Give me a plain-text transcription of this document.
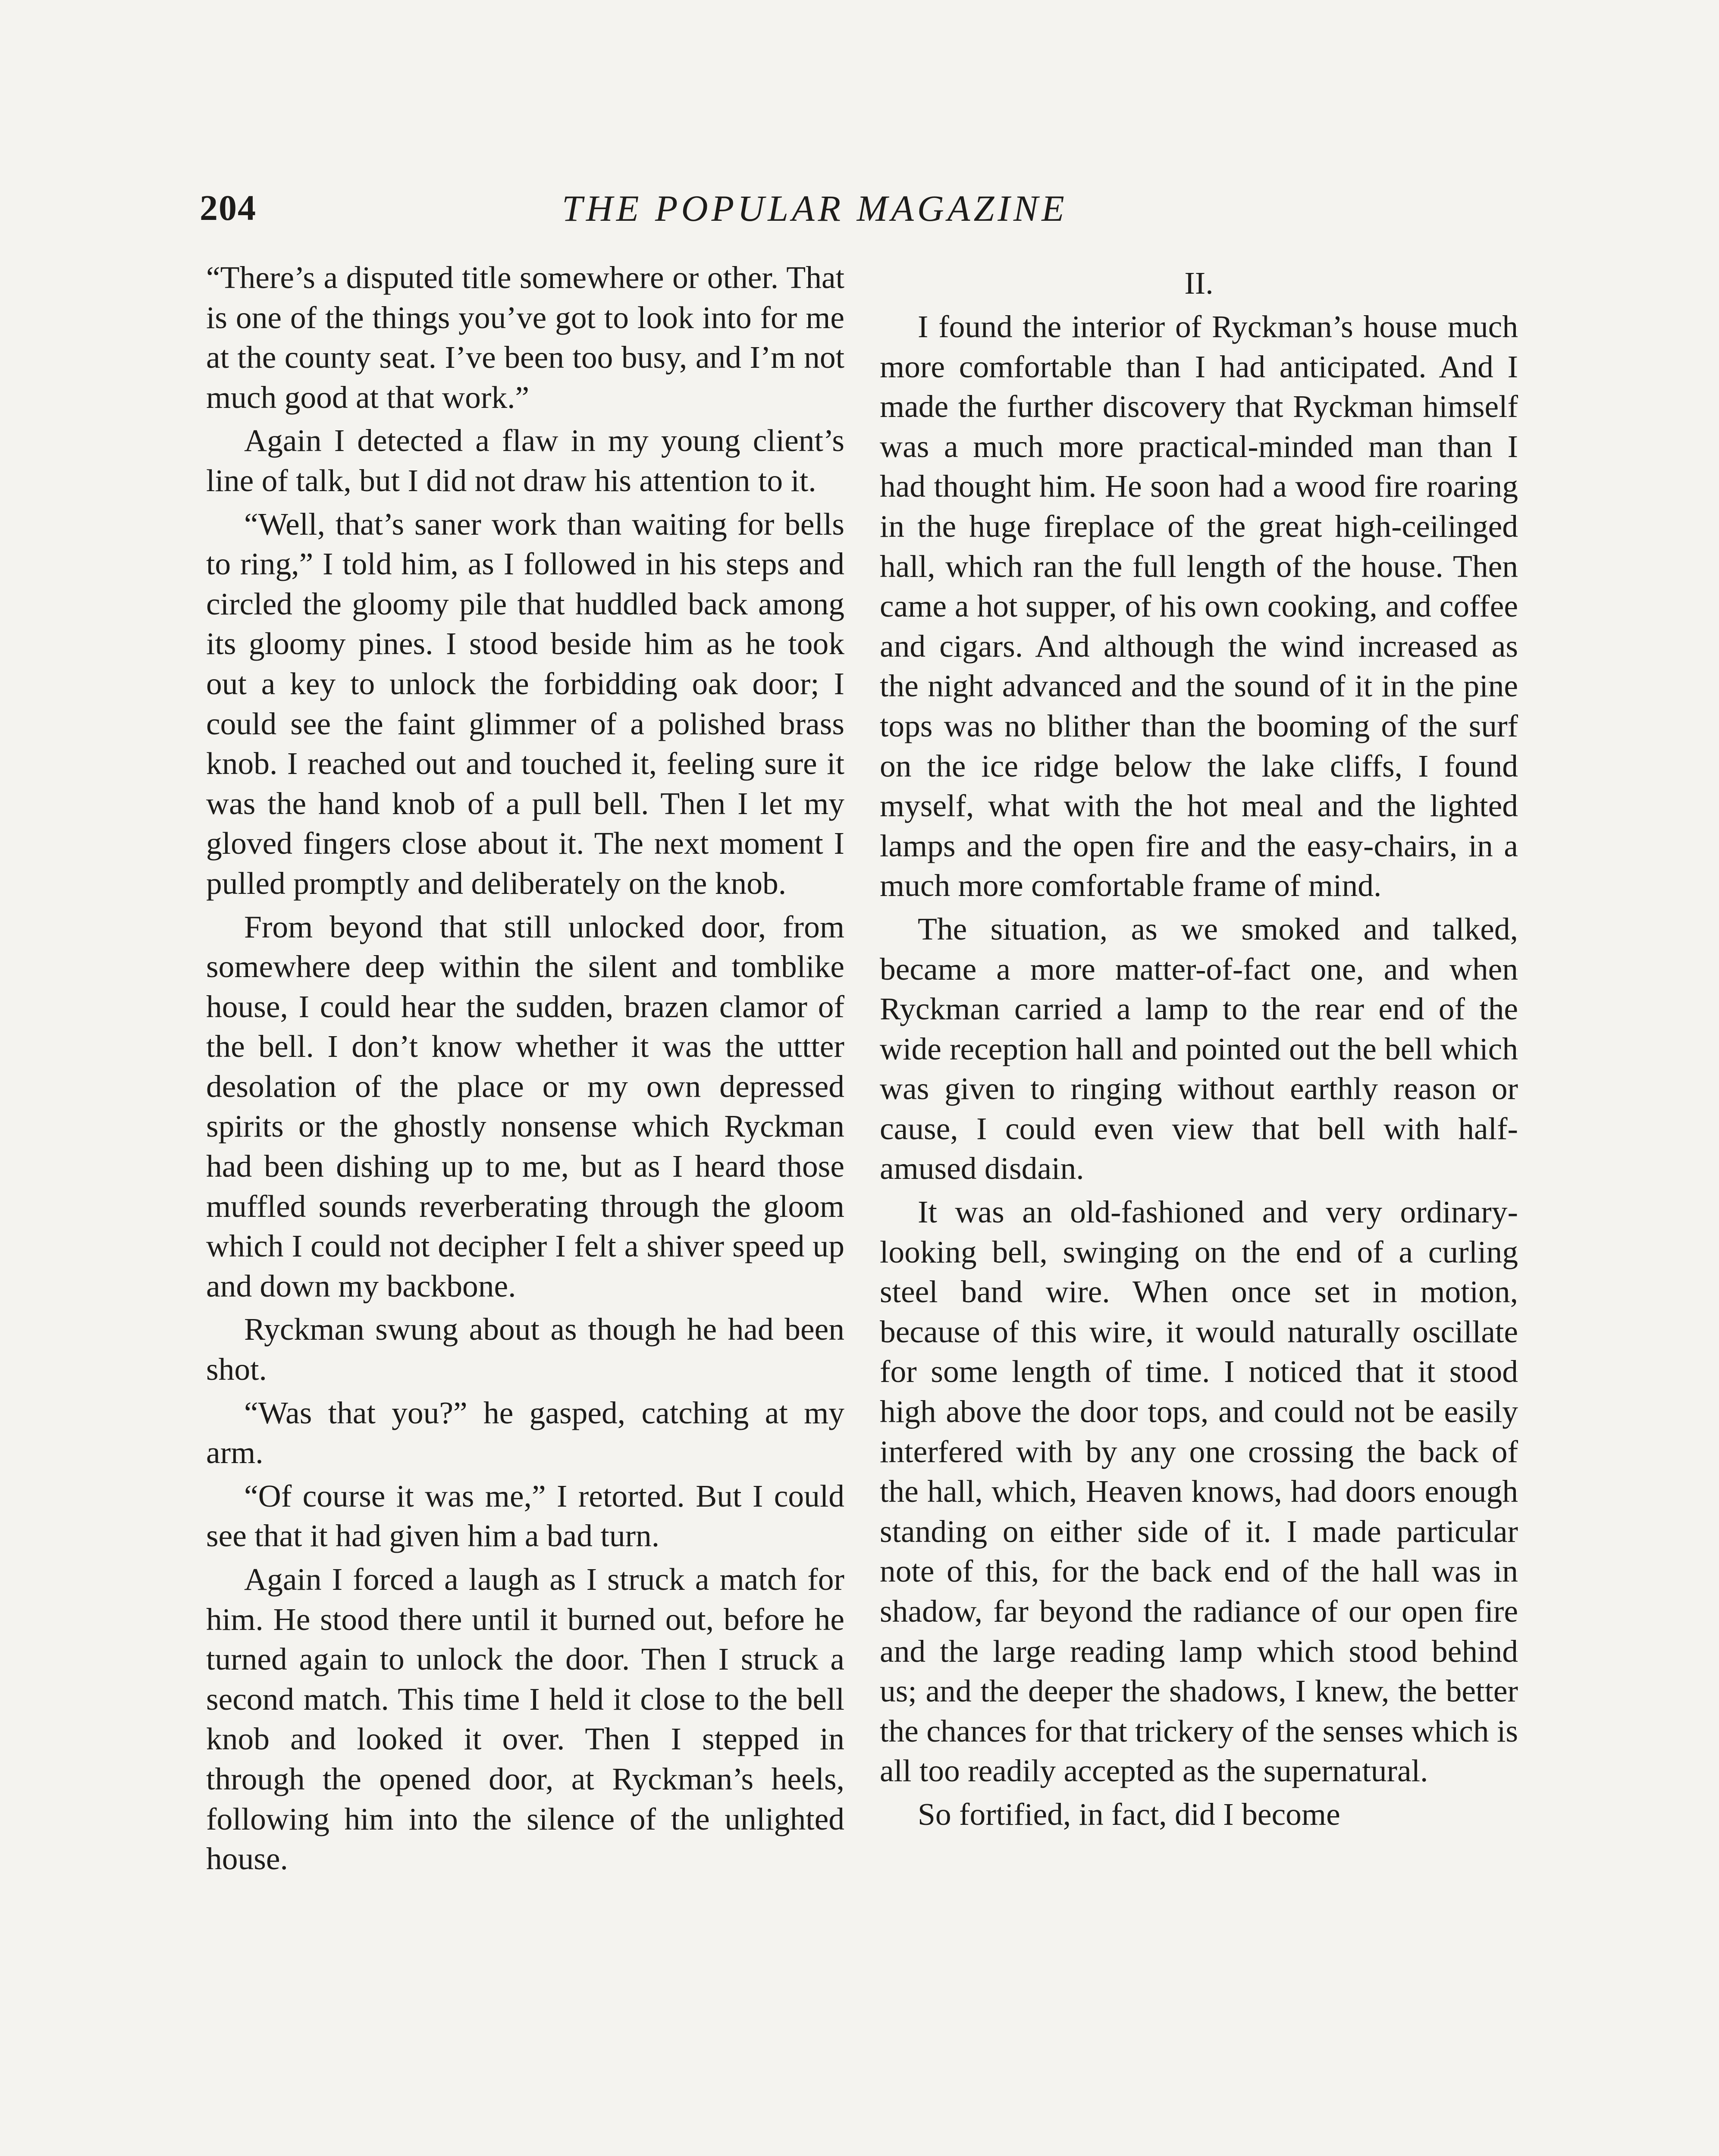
204	THE POPULAR MAGAZINE

“There’s a disputed title somewhere or other. That is one of the things you’ve got to look into for me at the county seat. I’ve been too busy, and I’m not much good at that work.”

Again I detected a flaw in my young client’s line of talk, but I did not draw his attention to it.

“Well, that’s saner work than waiting for bells to ring,” I told him, as I followed in his steps and circled the gloomy pile that huddled back among its gloomy pines. I stood beside him as he took out a key to unlock the forbidding oak door; I could see the faint glimmer of a polished brass knob. I reached out and touched it, feeling sure it was the hand knob of a pull bell. Then I let my gloved fingers close about it. The next moment I pulled promptly and deliberately on the knob.

From beyond that still unlocked door, from somewhere deep within the silent and tomblike house, I could hear the sudden, brazen clamor of the bell. I don’t know whether it was the uttter desolation of the place or my own depressed spirits or the ghostly nonsense which Ryckman had been dishing up to me, but as I heard those muffled sounds reverberating through the gloom which I could not decipher I felt a shiver speed up and down my backbone.

Ryckman swung about as though he had been shot.

“Was that you?” he gasped, catching at my arm.

“Of course it was me,” I retorted. But I could see that it had given him a bad turn.

Again I forced a laugh as I struck a match for him. He stood there until it burned out, before he turned again to unlock the door. Then I struck a second match. This time I held it close to the bell knob and looked it over. Then I stepped in through the opened door, at Ryckman’s heels, following him into the silence of the unlighted house.

II.

I found the interior of Ryckman’s house much more comfortable than I had anticipated. And I made the further discovery that Ryckman himself was a much more practical-minded man than I had thought him. He soon had a wood fire roaring in the huge fireplace of the great high-ceilinged hall, which ran the full length of the house. Then came a hot supper, of his own cooking, and coffee and cigars. And although the wind increased as the night advanced and the sound of it in the pine tops was no blither than the booming of the surf on the ice ridge below the lake cliffs, I found myself, what with the hot meal and the lighted lamps and the open fire and the easy-chairs, in a much more comfortable frame of mind.

The situation, as we smoked and talked, became a more matter-of-fact one, and when Ryckman carried a lamp to the rear end of the wide reception hall and pointed out the bell which was given to ringing without earthly reason or cause, I could even view that bell with half-amused disdain.

It was an old-fashioned and very ordinary-looking bell, swinging on the end of a curling steel band wire. When once set in motion, because of this wire, it would naturally oscillate for some length of time. I noticed that it stood high above the door tops, and could not be easily interfered with by any one crossing the back of the hall, which, Heaven knows, had doors enough standing on either side of it. I made particular note of this, for the back end of the hall was in shadow, far beyond the radiance of our open fire and the large reading lamp which stood behind us; and the deeper the shadows, I knew, the better the chances for that trickery of the senses which is all too readily accepted as the supernatural.

So fortified, in fact, did I become
